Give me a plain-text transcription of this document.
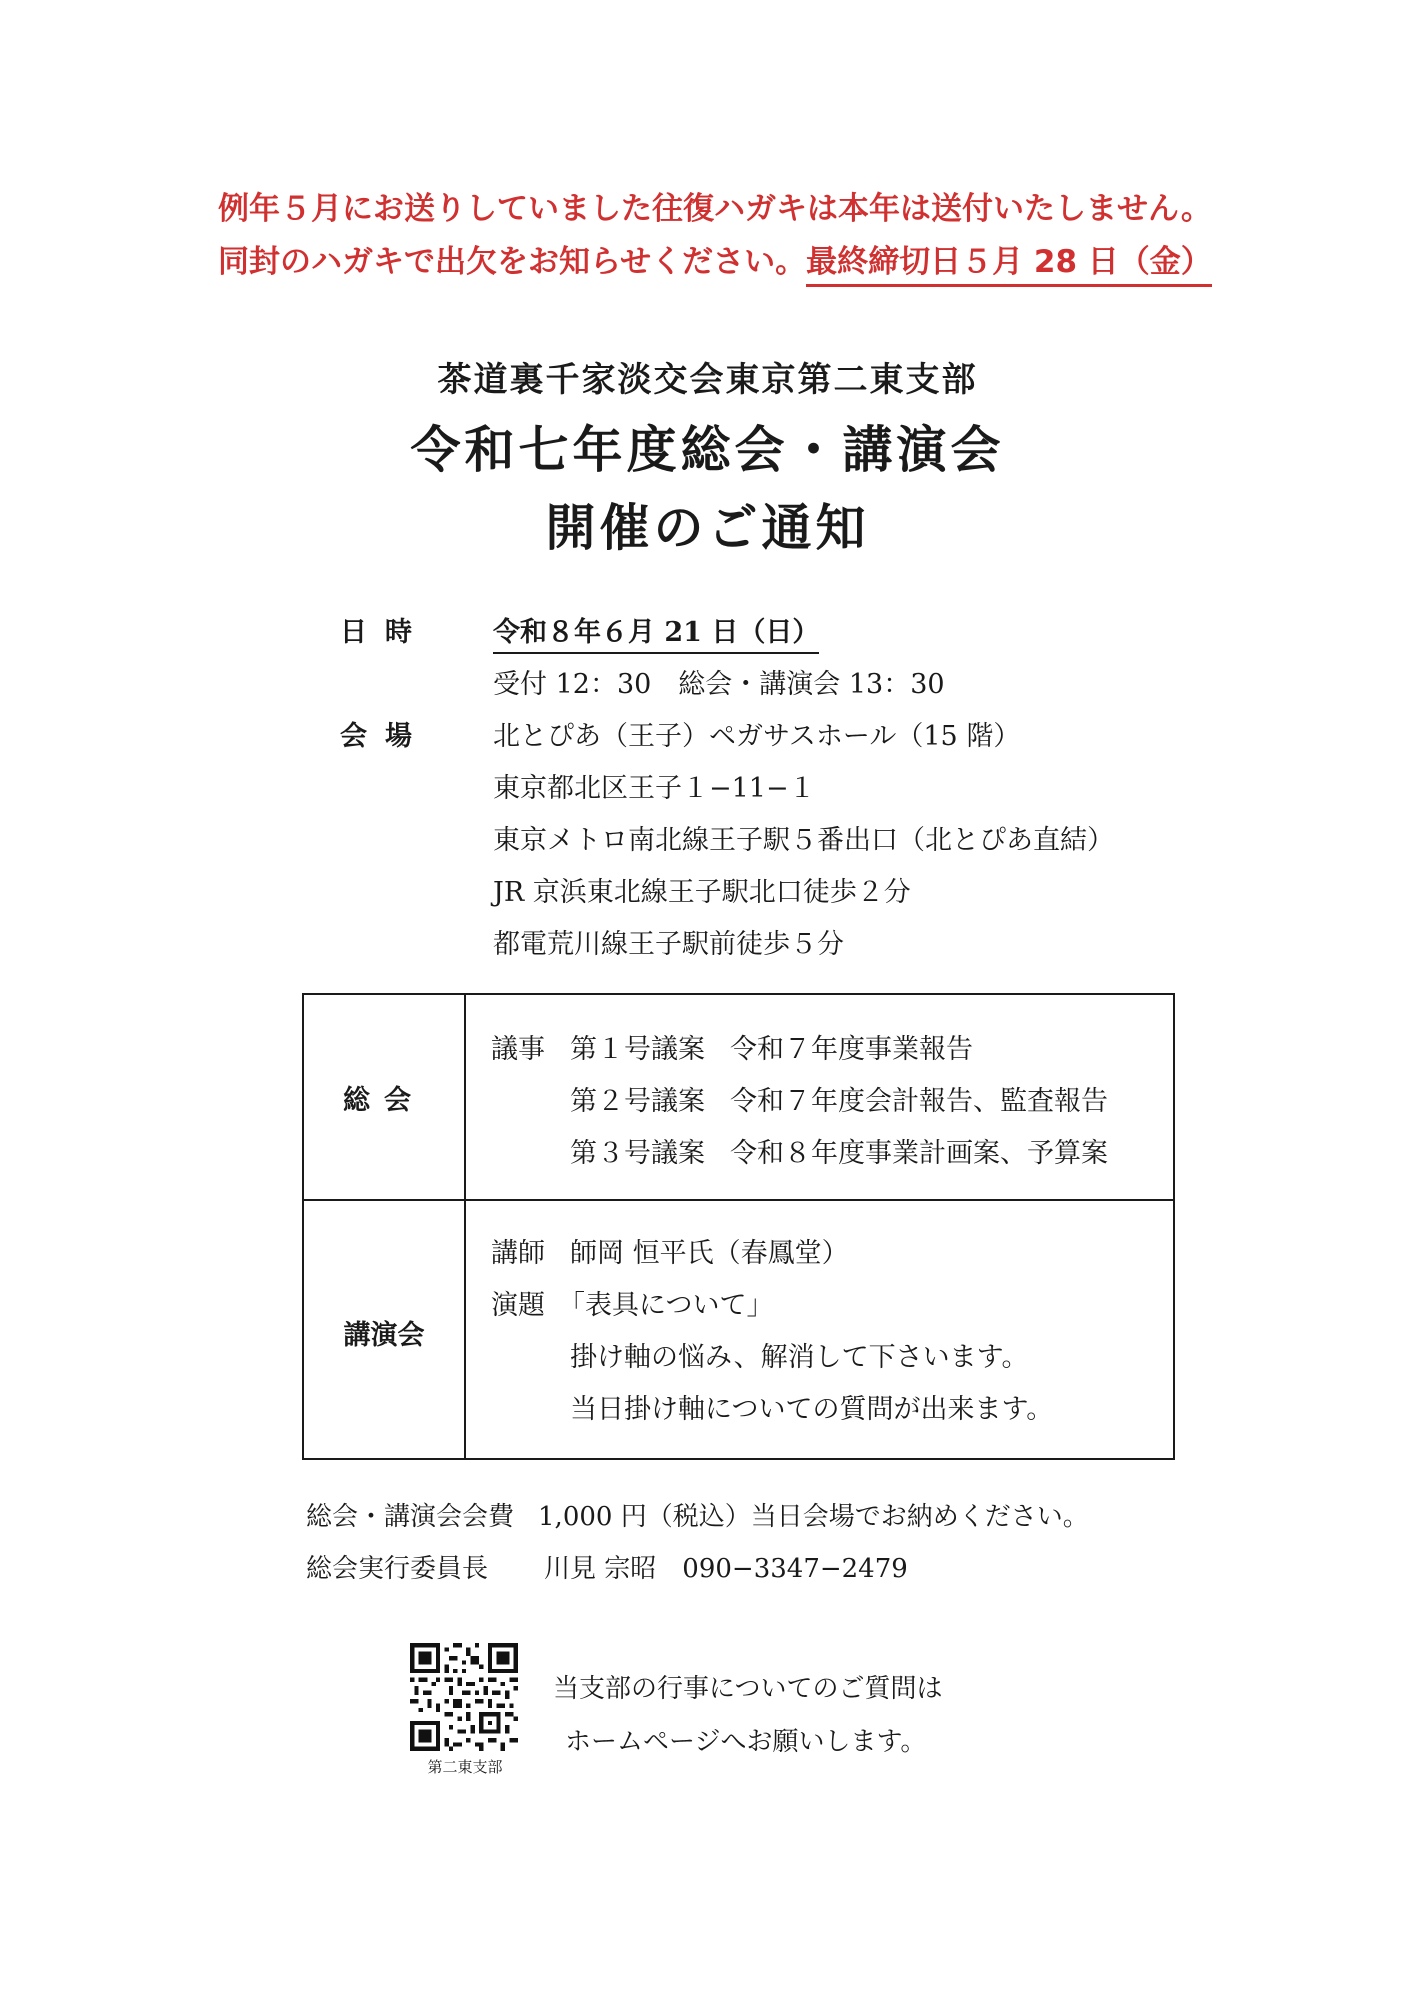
例年５月にお送りしていました往復ハガキは本年は送付いたしません。
同封のハガキで出欠をお知らせください。最終締切日５月 28 日（金）
茶道裏千家淡交会東京第二東支部
令和七年度総会・講演会
開催のご通知
日時 令和８年６月 21 日（日）
受付 12：30　総会・講演会 13：30
会場 北とぴあ（王子）ペガサスホール（15 階）
東京都北区王子１−11−１
東京メトロ南北線王子駅５番出口（北とぴあ直結）
JR 京浜東北線王子駅北口徒歩２分
都電荒川線王子駅前徒歩５分
総会
議事 第１号議案 令和７年度事業報告
第２号議案 令和７年度会計報告、監査報告
第３号議案 令和８年度事業計画案、予算案
講演会
講師 師岡 恒平氏（春鳳堂）
演題 「表具について」
掛け軸の悩み、解消して下さいます。
当日掛け軸についての質問が出来ます。
総会・講演会会費 1,000 円（税込）当日会場でお納めください。
総会実行委員長 川見 宗昭　090−3347−2479
第二東支部
当支部の行事についてのご質問は
ホームページへお願いします。
